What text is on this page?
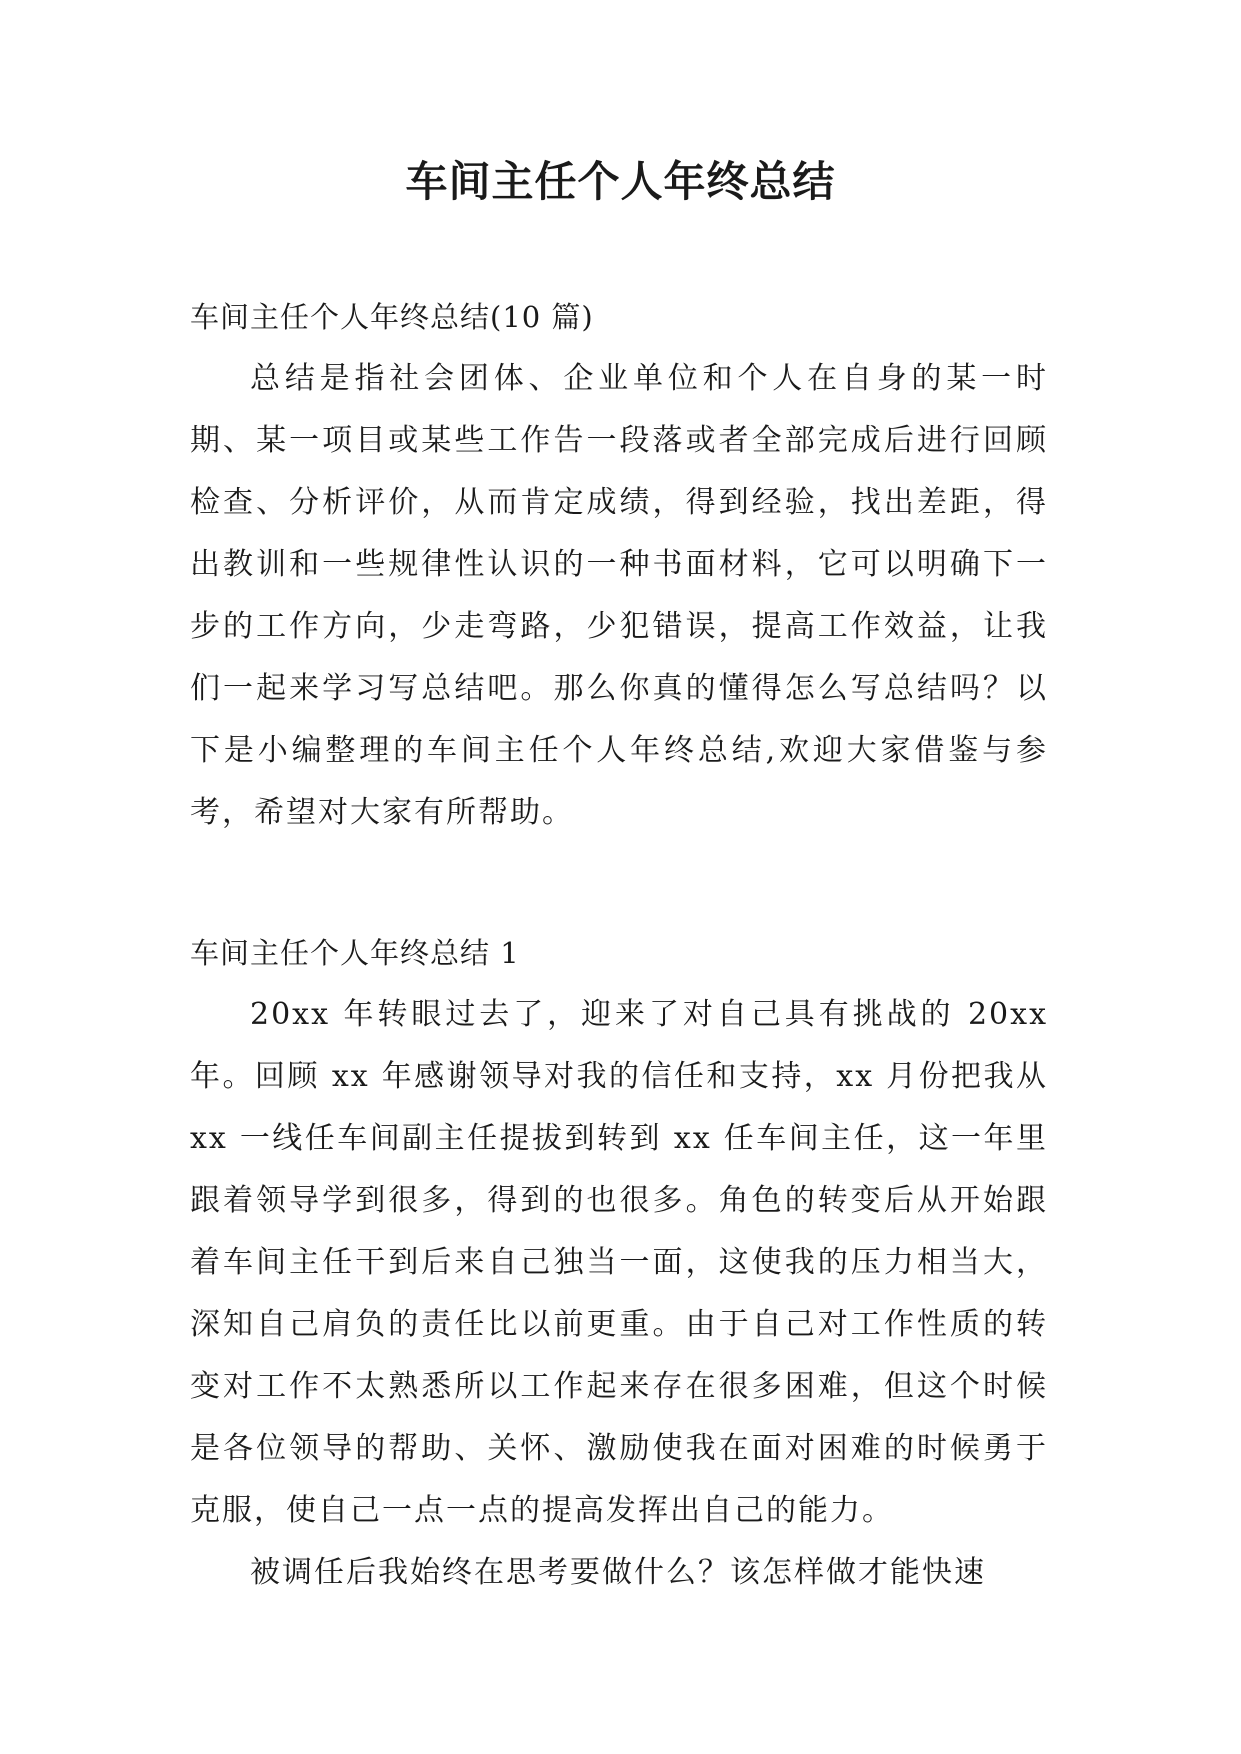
车间主任个人年终总结

车间主任个人年终总结(10 篇)

总结是指社会团体、企业单位和个人在自身的某一时期、某一项目或某些工作告一段落或者全部完成后进行回顾检查、分析评价，从而肯定成绩，得到经验，找出差距，得出教训和一些规律性认识的一种书面材料，它可以明确下一步的工作方向，少走弯路，少犯错误，提高工作效益，让我们一起来学习写总结吧。那么你真的懂得怎么写总结吗？以下是小编整理的车间主任个人年终总结,欢迎大家借鉴与参考，希望对大家有所帮助。

车间主任个人年终总结 1

20xx 年转眼过去了，迎来了对自己具有挑战的 20xx 年。回顾 xx 年感谢领导对我的信任和支持，xx 月份把我从 xx 一线任车间副主任提拔到转到 xx 任车间主任，这一年里跟着领导学到很多，得到的也很多。角色的转变后从开始跟着车间主任干到后来自己独当一面，这使我的压力相当大，深知自己肩负的责任比以前更重。由于自己对工作性质的转变对工作不太熟悉所以工作起来存在很多困难，但这个时候是各位领导的帮助、关怀、激励使我在面对困难的时候勇于克服，使自己一点一点的提高发挥出自己的能力。

被调任后我始终在思考要做什么？该怎样做才能快速
